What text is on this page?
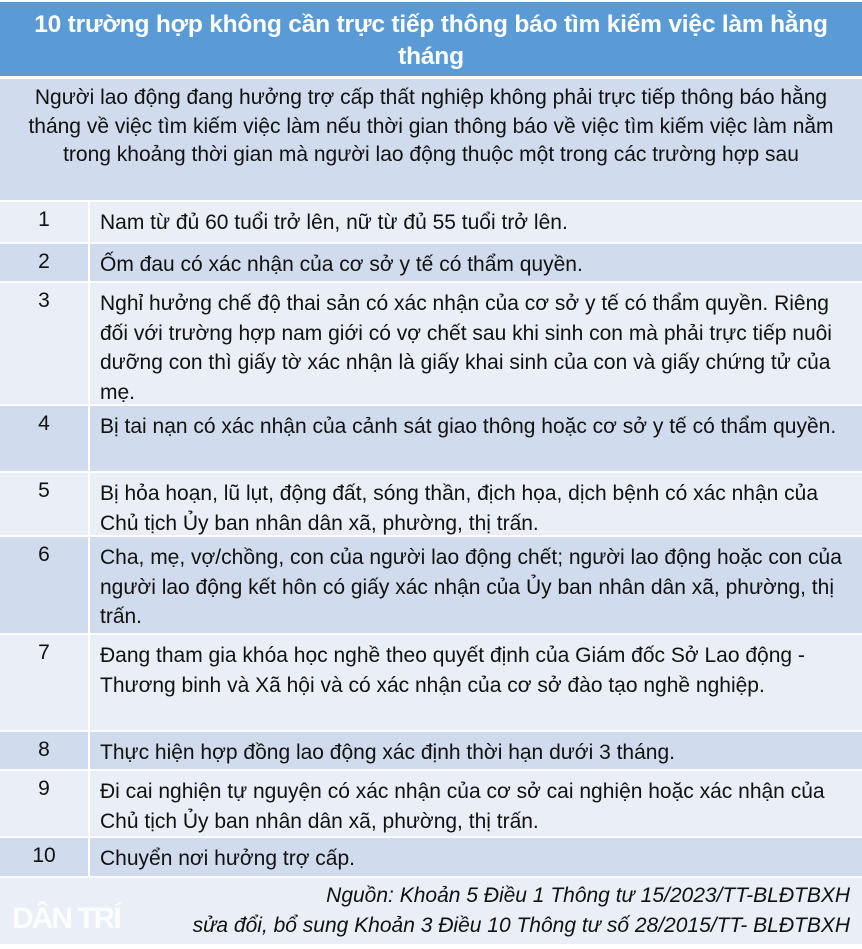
10 trường hợp không cần trực tiếp thông báo tìm kiếm việc làm hằng tháng
Người lao động đang hưởng trợ cấp thất nghiệp không phải trực tiếp thông báo hằng tháng về việc tìm kiếm việc làm nếu thời gian thông báo về việc tìm kiếm việc làm nằm trong khoảng thời gian mà người lao động thuộc một trong các trường hợp sau
1	Nam từ đủ 60 tuổi trở lên, nữ từ đủ 55 tuổi trở lên.
2	Ốm đau có xác nhận của cơ sở y tế có thẩm quyền.
3	Nghỉ hưởng chế độ thai sản có xác nhận của cơ sở y tế có thẩm quyền. Riêng đối với trường hợp nam giới có vợ chết sau khi sinh con mà phải trực tiếp nuôi dưỡng con thì giấy tờ xác nhận là giấy khai sinh của con và giấy chứng tử của mẹ.
4	Bị tai nạn có xác nhận của cảnh sát giao thông hoặc cơ sở y tế có thẩm quyền.
5	Bị hỏa hoạn, lũ lụt, động đất, sóng thần, địch họa, dịch bệnh có xác nhận của Chủ tịch Ủy ban nhân dân xã, phường, thị trấn.
6	Cha, mẹ, vợ/chồng, con của người lao động chết; người lao động hoặc con của người lao động kết hôn có giấy xác nhận của Ủy ban nhân dân xã, phường, thị trấn.
7	Đang tham gia khóa học nghề theo quyết định của Giám đốc Sở Lao động - Thương binh và Xã hội và có xác nhận của cơ sở đào tạo nghề nghiệp.
8	Thực hiện hợp đồng lao động xác định thời hạn dưới 3 tháng.
9	Đi cai nghiện tự nguyện có xác nhận của cơ sở cai nghiện hoặc xác nhận của Chủ tịch Ủy ban nhân dân xã, phường, thị trấn.
10	Chuyển nơi hưởng trợ cấp.
DÂN TRÍ
Nguồn: Khoản 5 Điều 1 Thông tư 15/2023/TT-BLĐTBXH
sửa đổi, bổ sung Khoản 3 Điều 10 Thông tư số 28/2015/TT- BLĐTBXH
